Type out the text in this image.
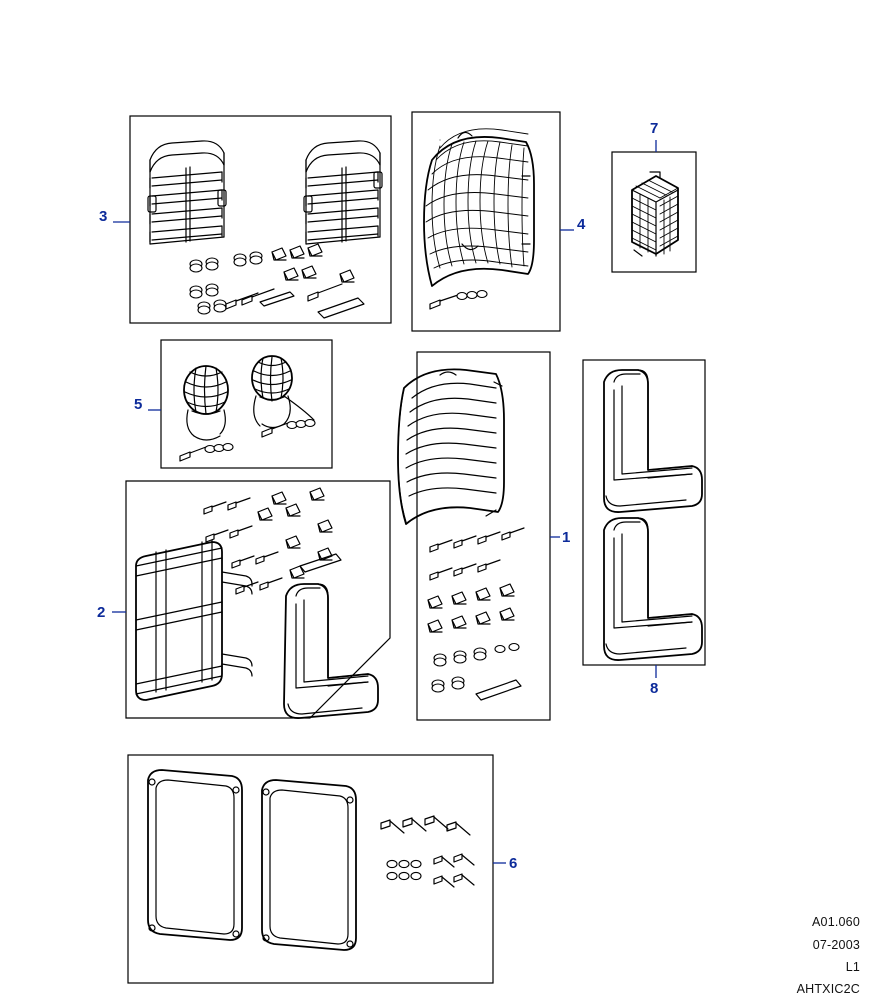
3	4
7
5
1
2
8
6
A01.060
07-2003
L1
AHTXIC2C
